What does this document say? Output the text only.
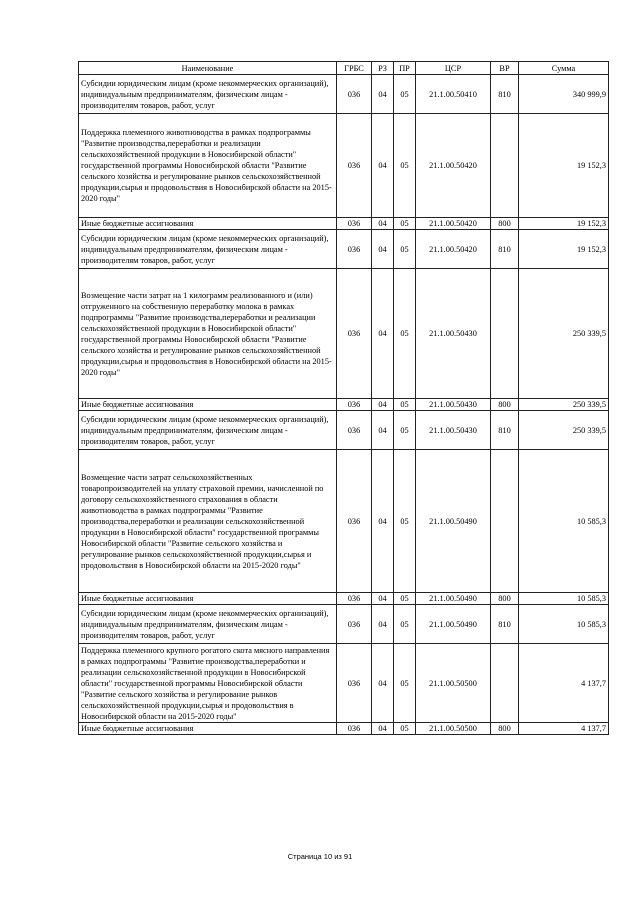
Наименование	ГРБС	РЗ	ПР	ЦСР	ВР	Сумма
Субсидии юридическим лицам (кроме некоммерческих организаций), индивидуальным предпринимателям, физическим лицам - производителям товаров, работ, услуг	036	04	05	21.1.00.50410	810	340 999,9
Поддержка племенного животноводства в рамках подпрограммы "Развитие производства,переработки и реализации сельскохозяйственной продукции в Новосибирской области" государственной программы Новосибирской области "Развитие сельского хозяйства и регулирование рынков сельскохозяйственной продукции,сырья и продовольствия в Новосибирской области на 2015-2020 годы"	036	04	05	21.1.00.50420		19 152,3
Иные бюджетные ассигнования	036	04	05	21.1.00.50420	800	19 152,3
Субсидии юридическим лицам (кроме некоммерческих организаций), индивидуальным предпринимателям, физическим лицам - производителям товаров, работ, услуг	036	04	05	21.1.00.50420	810	19 152,3
Возмещение части затрат на 1 килограмм реализованного и (или) отгруженного на собственную переработку молока в рамках подпрограммы "Развитие производства,переработки и реализации сельскохозяйственной продукции в Новосибирской области" государственной программы Новосибирской области "Развитие сельского хозяйства и регулирование рынков сельскохозяйственной продукции,сырья и продовольствия в Новосибирской области на 2015-2020 годы"	036	04	05	21.1.00.50430		250 339,5
Иные бюджетные ассигнования	036	04	05	21.1.00.50430	800	250 339,5
Субсидии юридическим лицам (кроме некоммерческих организаций), индивидуальным предпринимателям, физическим лицам - производителям товаров, работ, услуг	036	04	05	21.1.00.50430	810	250 339,5
Возмещение части затрат сельскохозяйственных товаропроизводителей на уплату страховой премии, начисленной по договору сельскохозяйственного страхования в области животноводства в рамках подпрограммы "Развитие производства,переработки и реализации сельскохозяйственной продукции в Новосибирской области" государственной программы Новосибирской области "Развитие сельского хозяйства и регулирование рынков сельскохозяйственной продукции,сырья и продовольствия в Новосибирской области на 2015-2020 годы"	036	04	05	21.1.00.50490		10 585,3
Иные бюджетные ассигнования	036	04	05	21.1.00.50490	800	10 585,3
Субсидии юридическим лицам (кроме некоммерческих организаций), индивидуальным предпринимателям, физическим лицам - производителям товаров, работ, услуг	036	04	05	21.1.00.50490	810	10 585,3
Поддержка племенного крупного рогатого скота мясного направления в рамках подпрограммы "Развитие производства,переработки и реализации сельскохозяйственной продукции в Новосибирской области" государственной программы Новосибирской области "Развитие сельского хозяйства и регулирование рынков сельскохозяйственной продукции,сырья и продовольствия в Новосибирской области на 2015-2020 годы"	036	04	05	21.1.00.50500		4 137,7
Иные бюджетные ассигнования	036	04	05	21.1.00.50500	800	4 137,7
Страница 10 из 91
